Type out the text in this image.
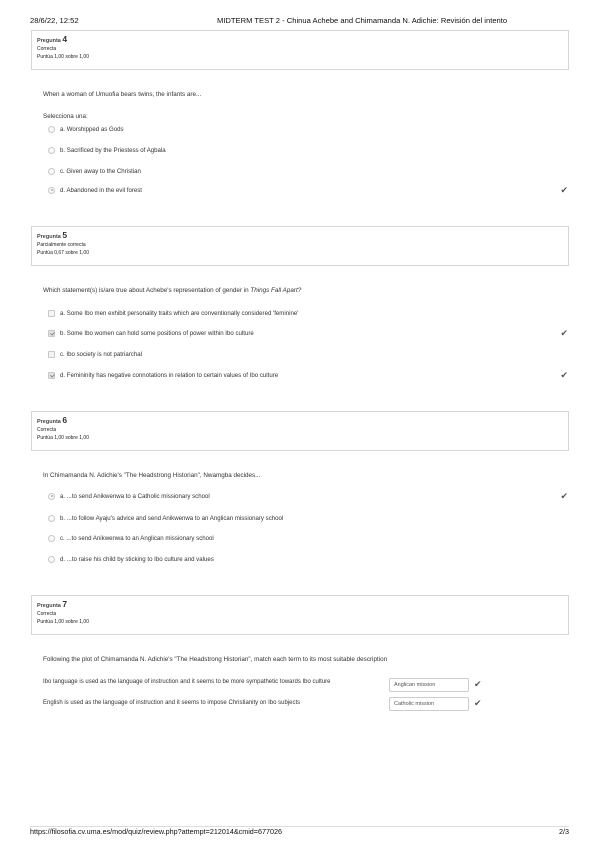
28/6/22, 12:52	MIDTERM TEST 2 - Chinua Achebe and Chimamanda N. Adichie: Revisión del intento
Pregunta 4
Correcta
Puntúa 1,00 sobre 1,00
When a woman of Umuofia bears twins, the infants are...
Selecciona una:
a. Worshipped as Gods
b. Sacrificed by the Priestess of Agbala
c. Given away to the Christian
d. Abandoned in the evil forest	✔
Pregunta 5
Parcialmente correcta
Puntúa 0,67 sobre 1,00
Which statement(s) is/are true about Achebe's representation of gender in Things Fall Apart?
a. Some Ibo men exhibit personality traits which are conventionally considered 'feminine'
b. Some Ibo women can hold some positions of power within Ibo culture	✔
c. Ibo society is not patriarchal
d. Femininity has negative connotations in relation to certain values of Ibo culture	✔
Pregunta 6
Correcta
Puntúa 1,00 sobre 1,00
In Chimamanda N. Adichie's "The Headstrong Historian", Nwamgba decides...
a. ...to send Anikwenwa to a Catholic missionary school	✔
b. ...to follow Ayaju's advice and send Anikwenwa to an Anglican missionary school
c. ...to send Anikwenwa to an Anglican missionary school
d. ...to raise his child by sticking to Ibo culture and values
Pregunta 7
Correcta
Puntúa 1,00 sobre 1,00
Following the plot of Chimamanda N. Adichie's "The Headstrong Historian", match each term to its most suitable description
Ibo language is used as the language of instruction and it seems to be more sympathetic towards Ibo culture	Anglican mission	✔
English is used as the language of instruction and it seems to impose Christianity on Ibo subjects	Catholic mission	✔
https://filosofia.cv.uma.es/mod/quiz/review.php?attempt=212014&cmid=677026	2/3
